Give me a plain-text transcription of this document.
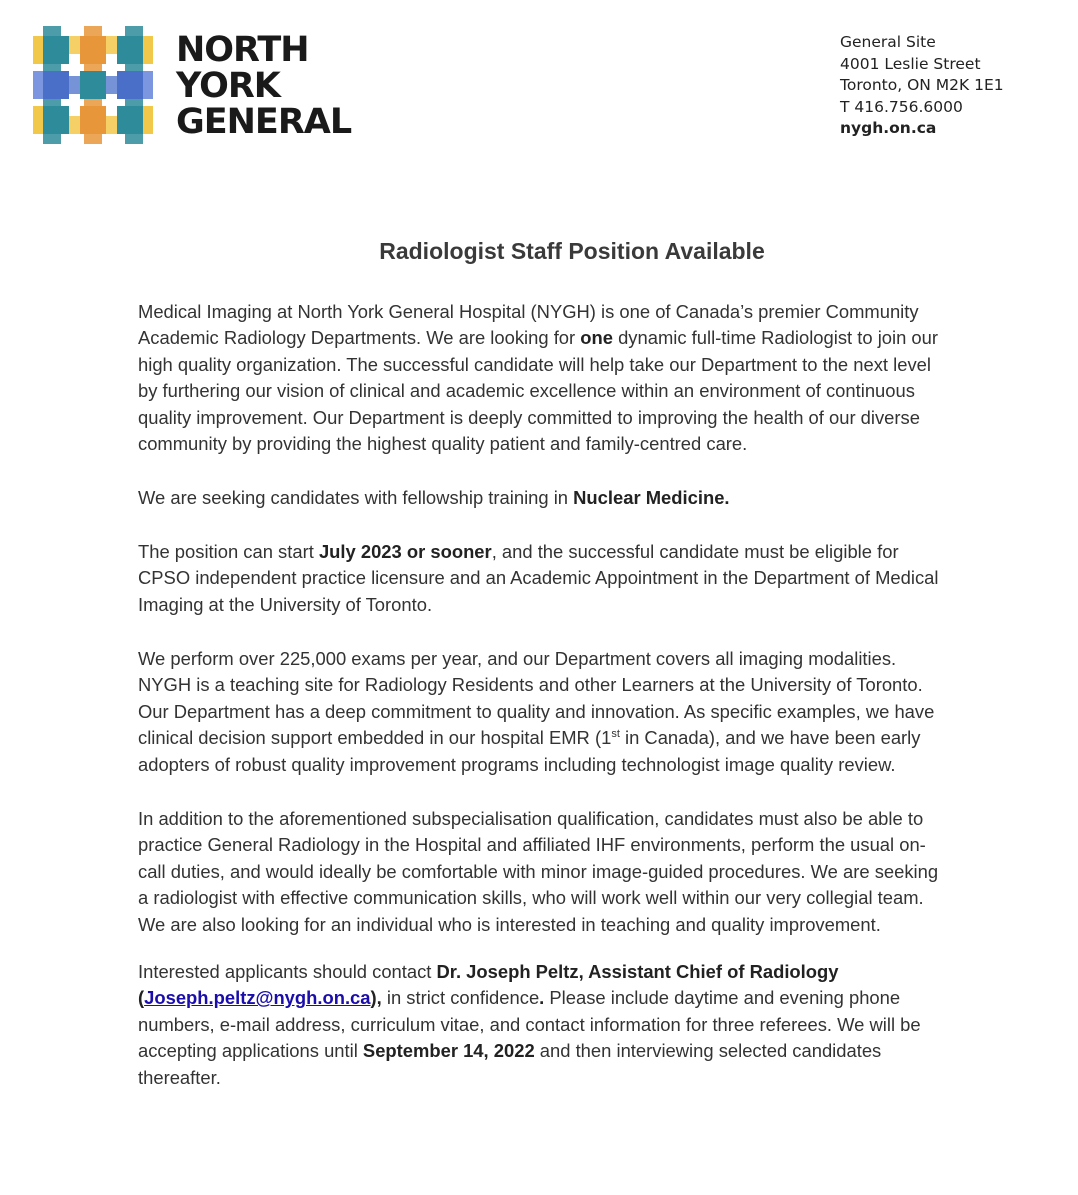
NORTH
YORK
GENERAL
General Site
4001 Leslie Street
Toronto, ON M2K 1E1
T 416.756.6000
nygh.on.ca
Radiologist Staff Position Available
Medical Imaging at North York General Hospital (NYGH) is one of Canada’s premier Community
Academic Radiology Departments. We are looking for one dynamic full-time Radiologist to join our
high quality organization. The successful candidate will help take our Department to the next level
by furthering our vision of clinical and academic excellence within an environment of continuous
quality improvement. Our Department is deeply committed to improving the health of our diverse
community by providing the highest quality patient and family-centred care.
We are seeking candidates with fellowship training in Nuclear Medicine.
The position can start July 2023 or sooner, and the successful candidate must be eligible for
CPSO independent practice licensure and an Academic Appointment in the Department of Medical
Imaging at the University of Toronto.
We perform over 225,000 exams per year, and our Department covers all imaging modalities.
NYGH is a teaching site for Radiology Residents and other Learners at the University of Toronto.
Our Department has a deep commitment to quality and innovation. As specific examples, we have
clinical decision support embedded in our hospital EMR (1st in Canada), and we have been early
adopters of robust quality improvement programs including technologist image quality review.
In addition to the aforementioned subspecialisation qualification, candidates must also be able to
practice General Radiology in the Hospital and affiliated IHF environments, perform the usual on-
call duties, and would ideally be comfortable with minor image-guided procedures. We are seeking
a radiologist with effective communication skills, who will work well within our very collegial team.
We are also looking for an individual who is interested in teaching and quality improvement.
Interested applicants should contact Dr. Joseph Peltz, Assistant Chief of Radiology
(Joseph.peltz@nygh.on.ca), in strict confidence. Please include daytime and evening phone
numbers, e-mail address, curriculum vitae, and contact information for three referees. We will be
accepting applications until September 14, 2022 and then interviewing selected candidates
thereafter.
